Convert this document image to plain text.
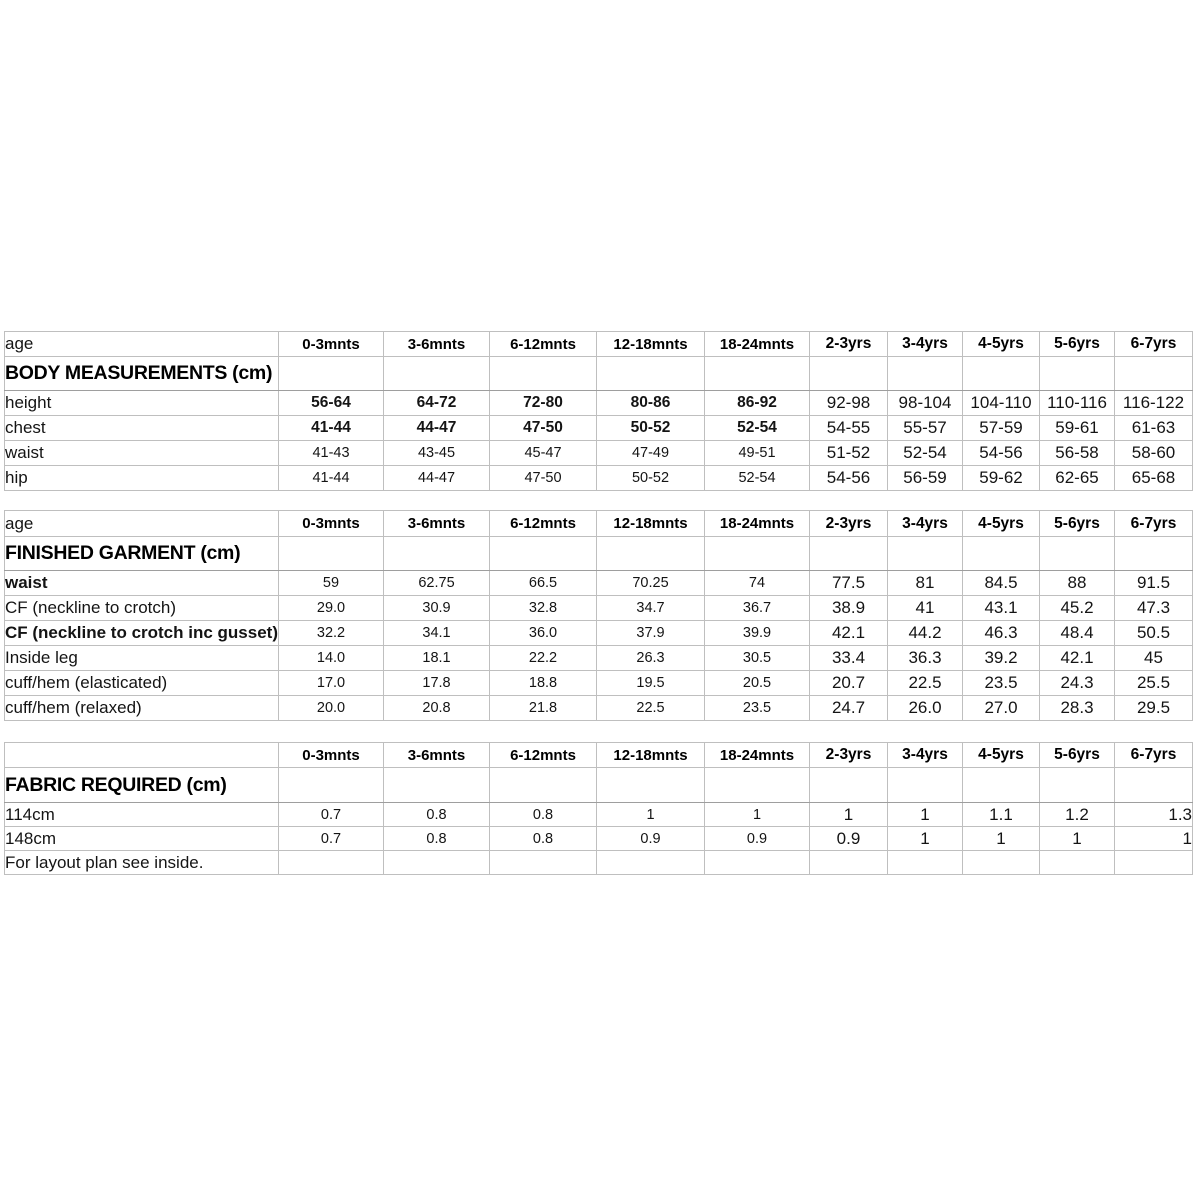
age	0-3mnts	3-6mnts	6-12mnts	12-18mnts	18-24mnts	2-3yrs	3-4yrs	4-5yrs	5-6yrs	6-7yrs
BODY MEASUREMENTS (cm)										
height	56-64	64-72	72-80	80-86	86-92	92-98	98-104	104-110	110-116	116-122
chest	41-44	44-47	47-50	50-52	52-54	54-55	55-57	57-59	59-61	61-63
waist	41-43	43-45	45-47	47-49	49-51	51-52	52-54	54-56	56-58	58-60
hip	41-44	44-47	47-50	50-52	52-54	54-56	56-59	59-62	62-65	65-68
age	0-3mnts	3-6mnts	6-12mnts	12-18mnts	18-24mnts	2-3yrs	3-4yrs	4-5yrs	5-6yrs	6-7yrs
FINISHED GARMENT (cm)										
waist	59	62.75	66.5	70.25	74	77.5	81	84.5	88	91.5
CF (neckline to crotch)	29.0	30.9	32.8	34.7	36.7	38.9	41	43.1	45.2	47.3
CF (neckline to crotch inc gusset)	32.2	34.1	36.0	37.9	39.9	42.1	44.2	46.3	48.4	50.5
Inside leg	14.0	18.1	22.2	26.3	30.5	33.4	36.3	39.2	42.1	45
cuff/hem (elasticated)	17.0	17.8	18.8	19.5	20.5	20.7	22.5	23.5	24.3	25.5
cuff/hem (relaxed)	20.0	20.8	21.8	22.5	23.5	24.7	26.0	27.0	28.3	29.5
	0-3mnts	3-6mnts	6-12mnts	12-18mnts	18-24mnts	2-3yrs	3-4yrs	4-5yrs	5-6yrs	6-7yrs
FABRIC REQUIRED (cm)										
114cm	0.7	0.8	0.8	1	1	1	1	1.1	1.2	1.3
148cm	0.7	0.8	0.8	0.9	0.9	0.9	1	1	1	1
For layout plan see inside.										
